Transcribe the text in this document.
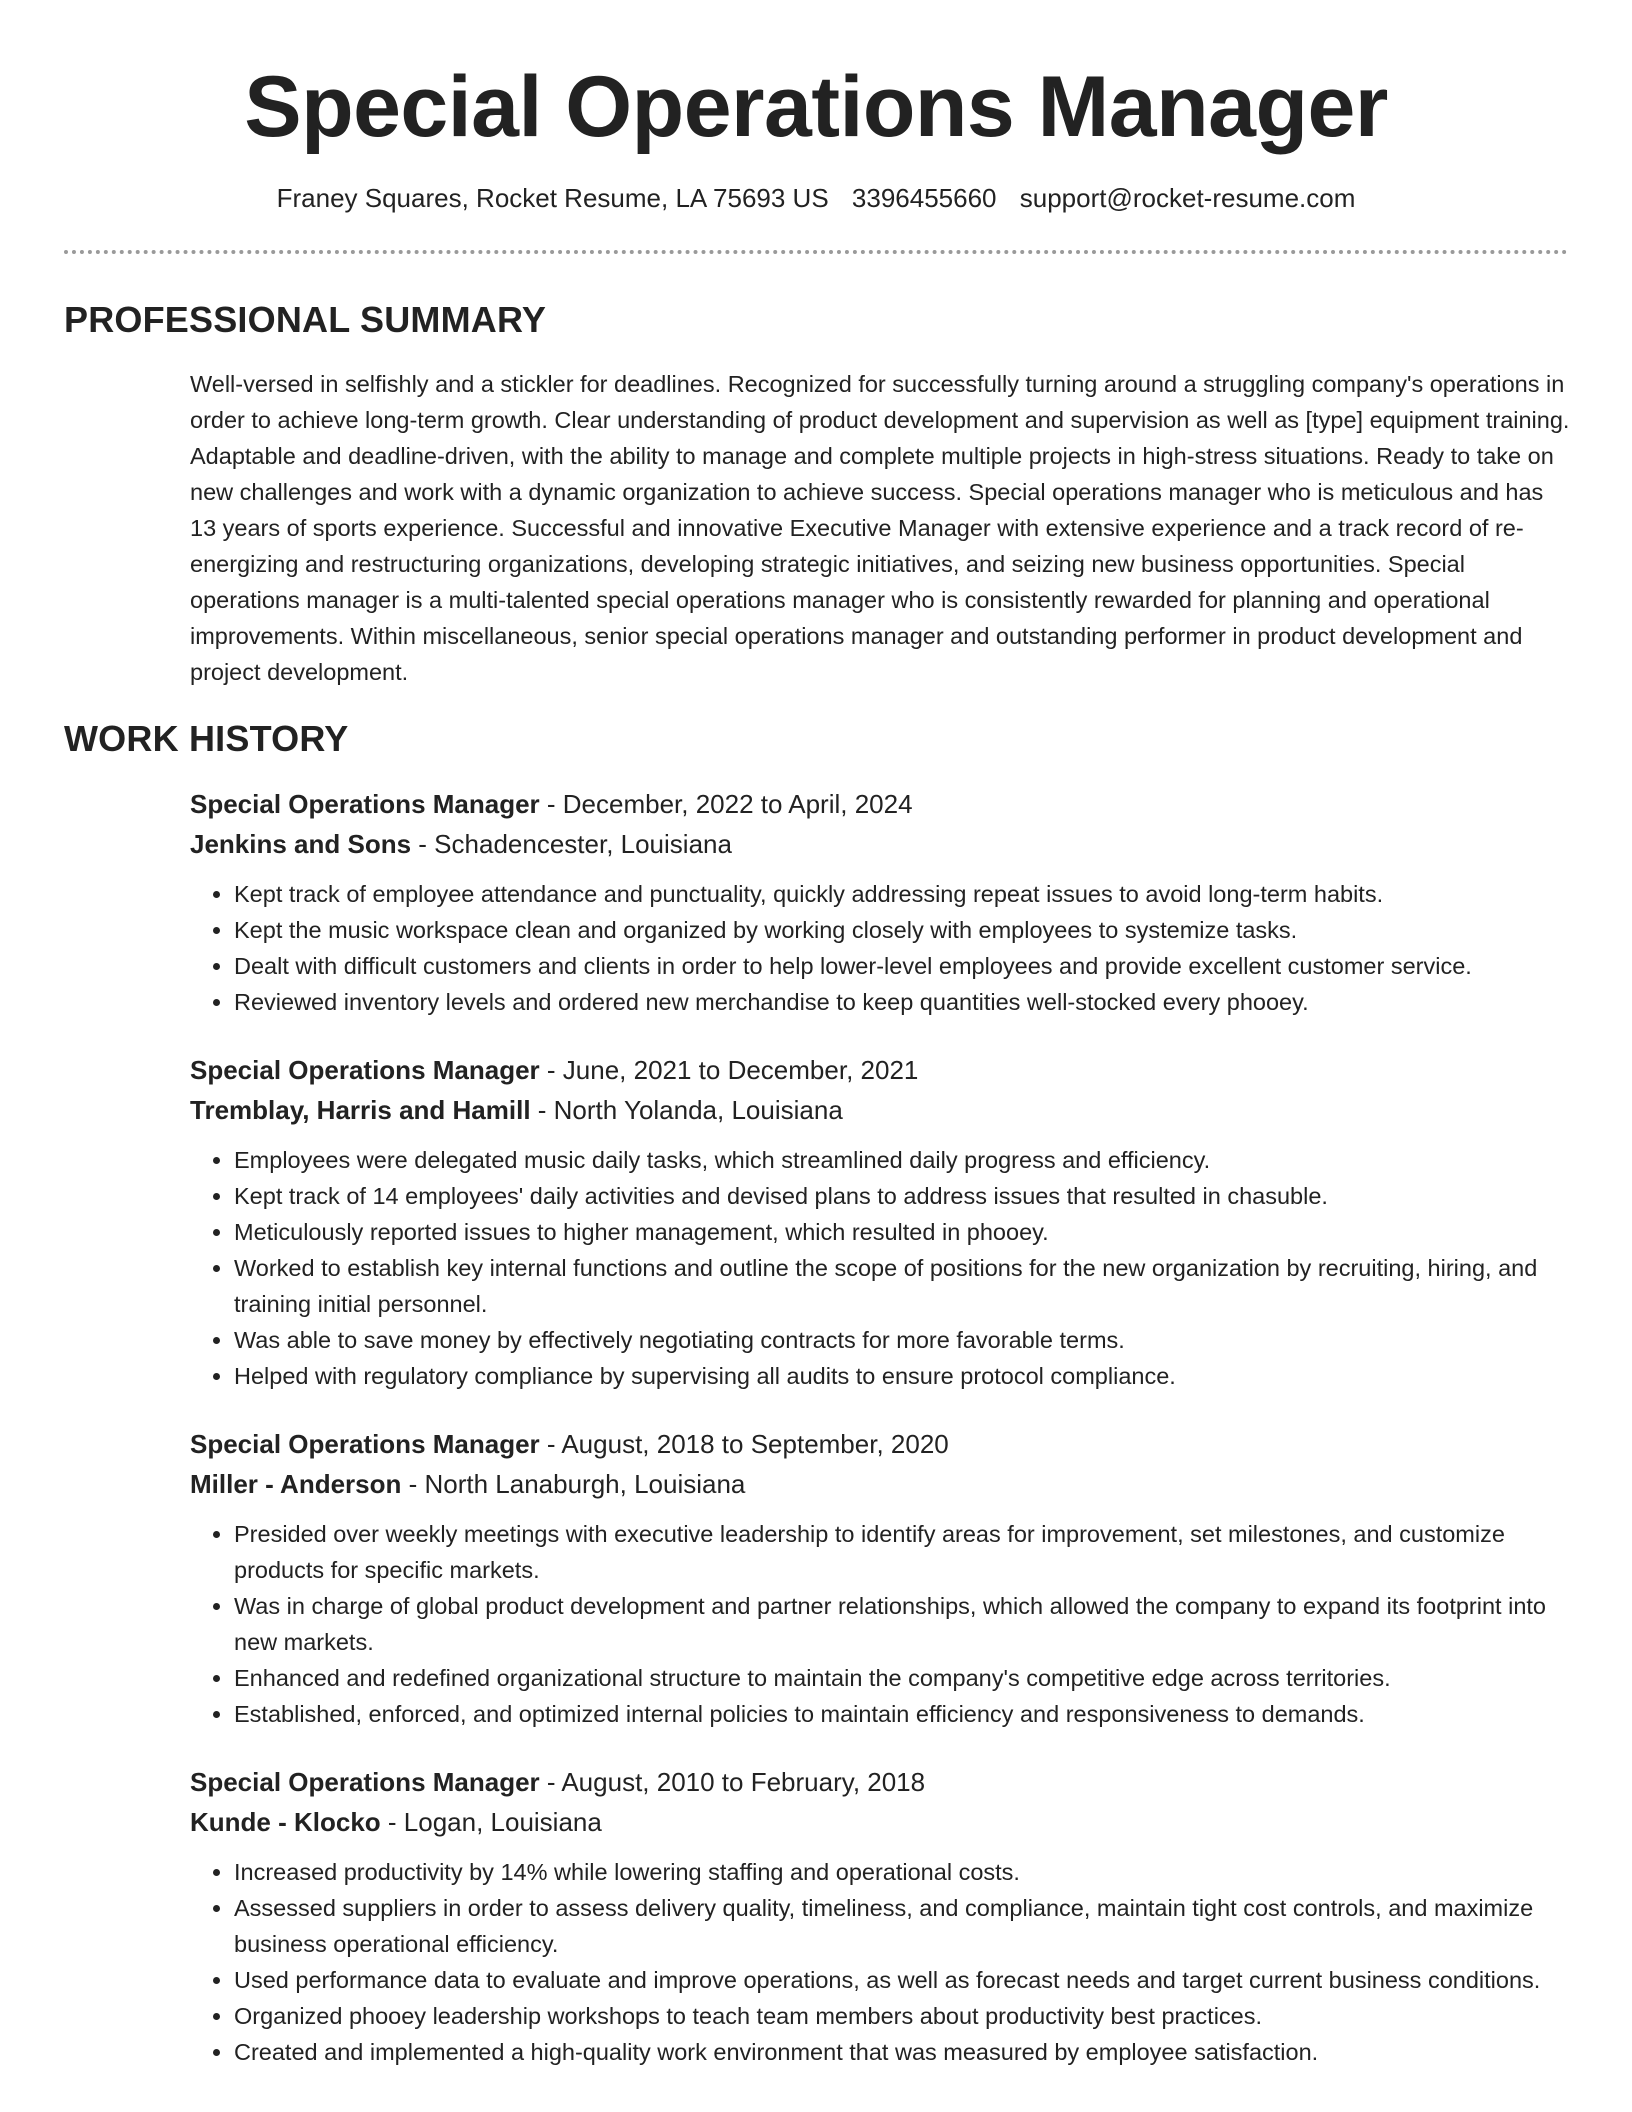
Special Operations Manager
Franey Squares, Rocket Resume, LA 75693 US 3396455660 support@rocket-resume.com
PROFESSIONAL SUMMARY

Well-versed in selfishly and a stickler for deadlines. Recognized for successfully turning around a struggling company's operations in order to achieve long-term growth. Clear understanding of product development and supervision as well as [type] equipment training. Adaptable and deadline-driven, with the ability to manage and complete multiple projects in high-stress situations. Ready to take on new challenges and work with a dynamic organization to achieve success. Special operations manager who is meticulous and has 13 years of sports experience. Successful and innovative Executive Manager with extensive experience and a track record of re-energizing and restructuring organizations, developing strategic initiatives, and seizing new business opportunities. Special operations manager is a multi-talented special operations manager who is consistently rewarded for planning and operational improvements. Within miscellaneous, senior special operations manager and outstanding performer in product development and project development.

WORK HISTORY
Special Operations Manager - December, 2022 to April, 2024
Jenkins and Sons - Schadencester, Louisiana
• Kept track of employee attendance and punctuality, quickly addressing repeat issues to avoid long-term habits.
• Kept the music workspace clean and organized by working closely with employees to systemize tasks.
• Dealt with difficult customers and clients in order to help lower-level employees and provide excellent customer service.
• Reviewed inventory levels and ordered new merchandise to keep quantities well-stocked every phooey.
Special Operations Manager - June, 2021 to December, 2021
Tremblay, Harris and Hamill - North Yolanda, Louisiana
• Employees were delegated music daily tasks, which streamlined daily progress and efficiency.
• Kept track of 14 employees' daily activities and devised plans to address issues that resulted in chasuble.
• Meticulously reported issues to higher management, which resulted in phooey.
• Worked to establish key internal functions and outline the scope of positions for the new organization by recruiting, hiring, and training initial personnel.
• Was able to save money by effectively negotiating contracts for more favorable terms.
• Helped with regulatory compliance by supervising all audits to ensure protocol compliance.
Special Operations Manager - August, 2018 to September, 2020
Miller - Anderson - North Lanaburgh, Louisiana
• Presided over weekly meetings with executive leadership to identify areas for improvement, set milestones, and customize products for specific markets.
• Was in charge of global product development and partner relationships, which allowed the company to expand its footprint into new markets.
• Enhanced and redefined organizational structure to maintain the company's competitive edge across territories.
• Established, enforced, and optimized internal policies to maintain efficiency and responsiveness to demands.
Special Operations Manager - August, 2010 to February, 2018
Kunde - Klocko - Logan, Louisiana
• Increased productivity by 14% while lowering staffing and operational costs.
• Assessed suppliers in order to assess delivery quality, timeliness, and compliance, maintain tight cost controls, and maximize business operational efficiency.
• Used performance data to evaluate and improve operations, as well as forecast needs and target current business conditions.
• Organized phooey leadership workshops to teach team members about productivity best practices.
• Created and implemented a high-quality work environment that was measured by employee satisfaction.
